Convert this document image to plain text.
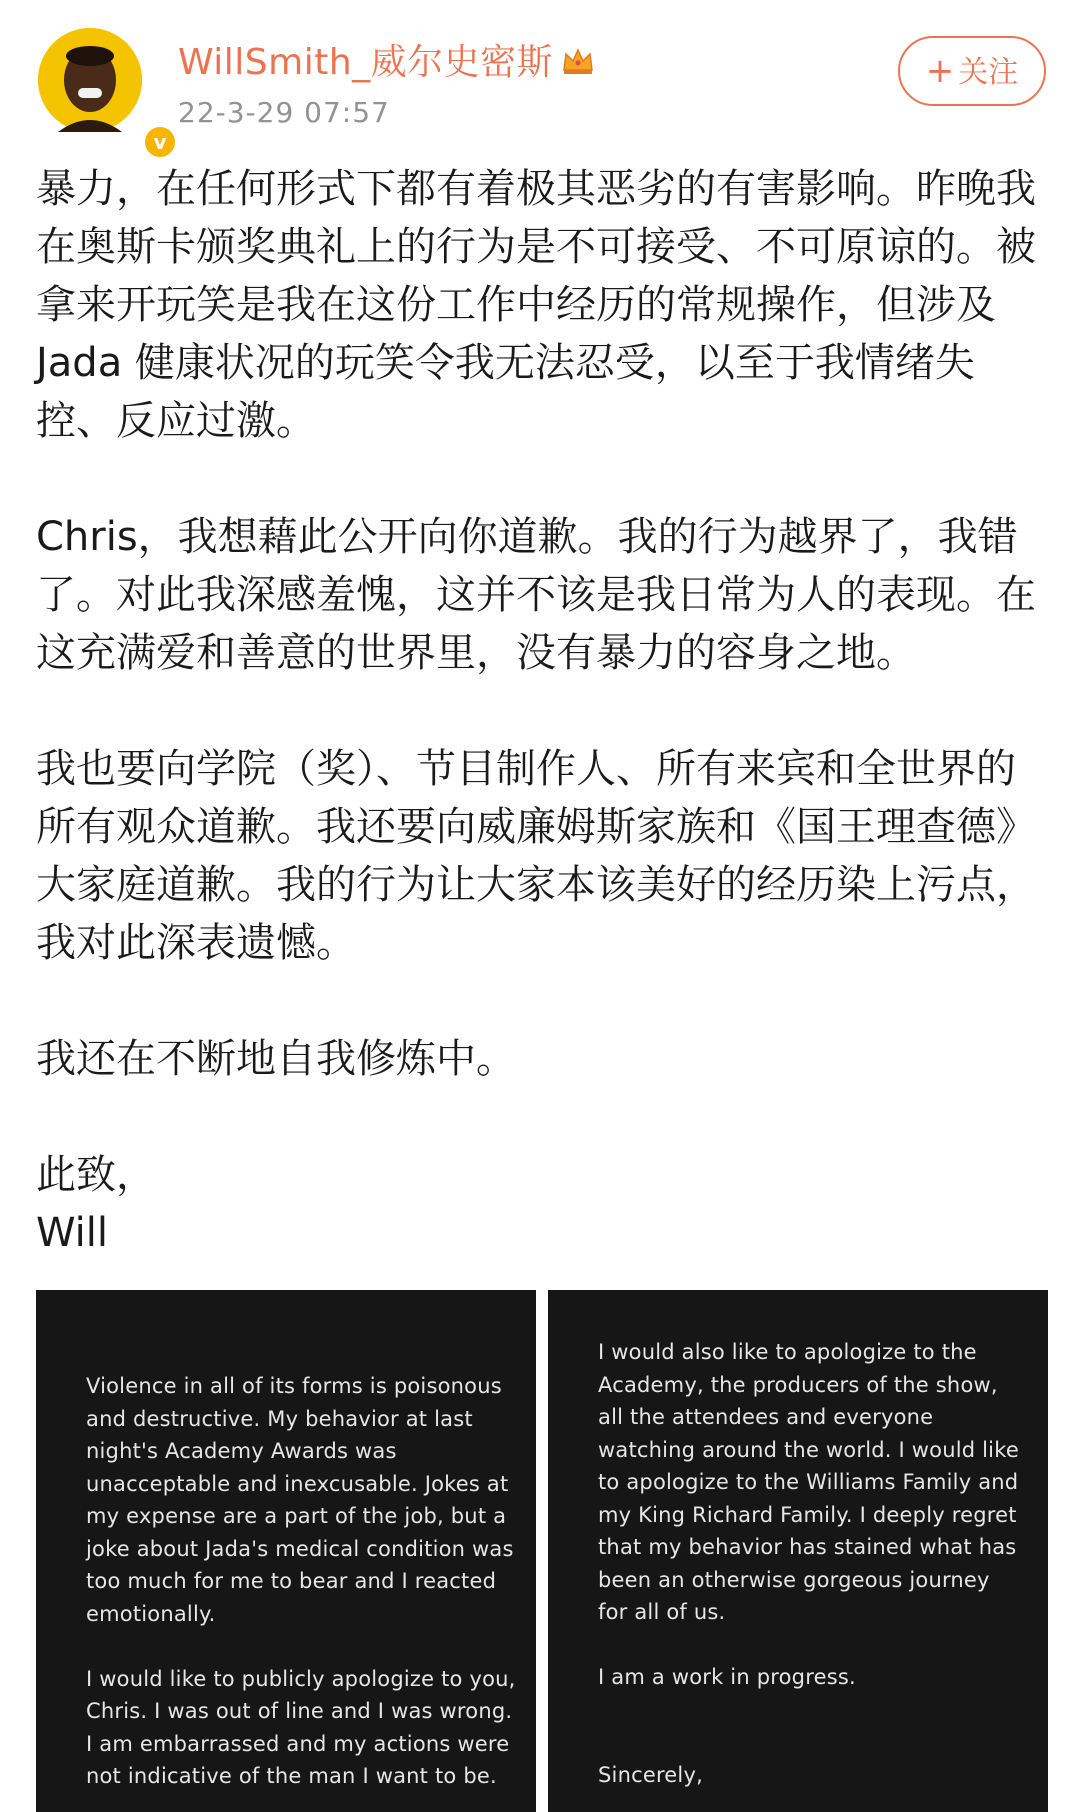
v
WillSmith_威尔史密斯
22-3-29 07:57
+ 关注

暴力，在任何形式下都有着极其恶劣的有害影响。昨晚我在奥斯卡颁奖典礼上的行为是不可接受、不可原谅的。被拿来开玩笑是我在这份工作中经历的常规操作，但涉及 Jada 健康状况的玩笑令我无法忍受，以至于我情绪失控、反应过激。

Chris，我想藉此公开向你道歉。我的行为越界了，我错了。对此我深感羞愧，这并不该是我日常为人的表现。在这充满爱和善意的世界里，没有暴力的容身之地。

我也要向学院（奖）、节目制作人、所有来宾和全世界的所有观众道歉。我还要向威廉姆斯家族和《国王理查德》大家庭道歉。我的行为让大家本该美好的经历染上污点，我对此深表遗憾。

我还在不断地自我修炼中。

此致，

Will

Violence in all of its forms is poisonous
and destructive. My behavior at last
night's Academy Awards was
unacceptable and inexcusable. Jokes at
my expense are a part of the job, but a
joke about Jada's medical condition was
too much for me to bear and I reacted
emotionally.
I would like to publicly apologize to you,
Chris. I was out of line and I was wrong.
I am embarrassed and my actions were
not indicative of the man I want to be.
I would also like to apologize to the
Academy, the producers of the show,
all the attendees and everyone
watching around the world. I would like
to apologize to the Williams Family and
my King Richard Family. I deeply regret
that my behavior has stained what has
been an otherwise gorgeous journey
for all of us.
I am a work in progress.
Sincerely,
